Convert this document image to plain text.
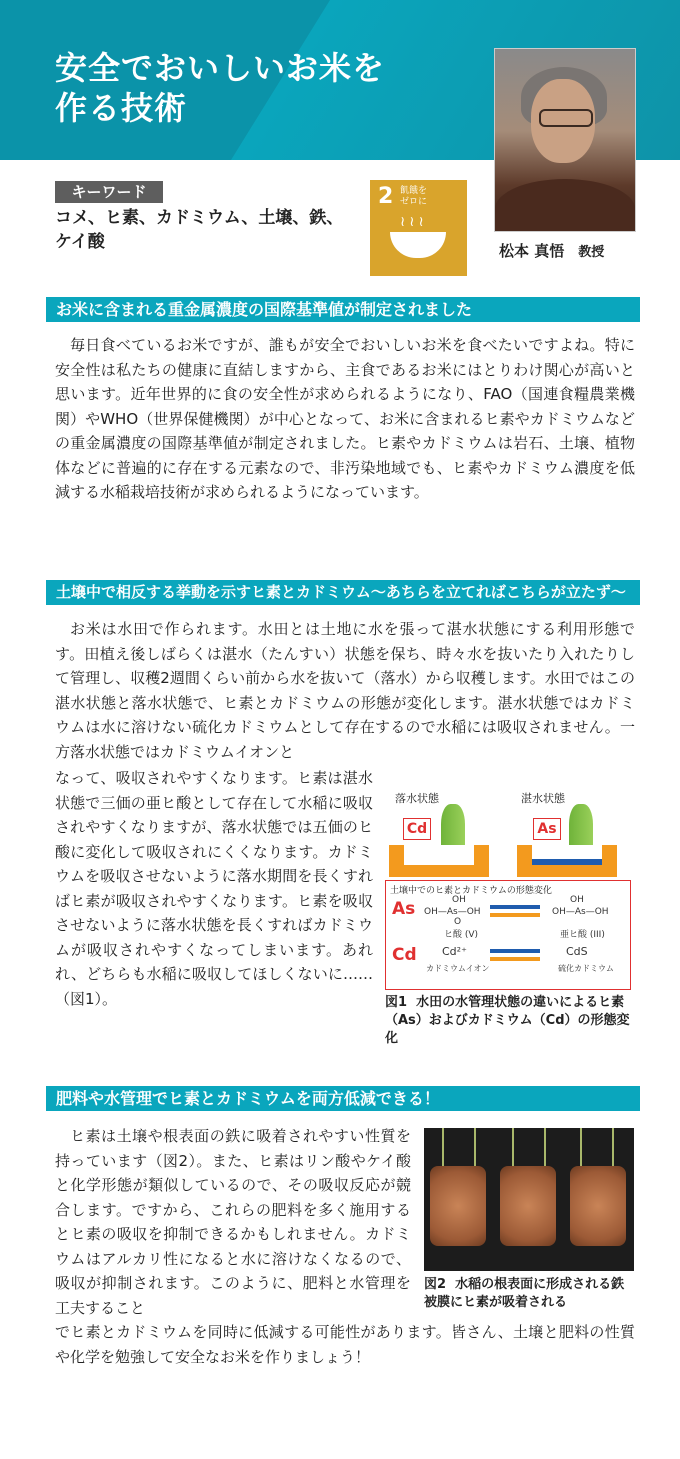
安全でおいしいお米を
作る技術
キーワード
コメ、ヒ素、カドミウム、土壌、鉄、ケイ酸
2 飢餓を
ゼロに
≀≀≀
松本 真悟 教授
お米に含まれる重金属濃度の国際基準値が制定されました

毎日食べているお米ですが、誰もが安全でおいしいお米を食べたいですよね。特に安全性は私たちの健康に直結しますから、主食であるお米にはとりわけ関心が高いと思います。近年世界的に食の安全性が求められるようになり、FAO（国連食糧農業機関）やWHO（世界保健機関）が中心となって、お米に含まれるヒ素やカドミウムなどの重金属濃度の国際基準値が制定されました。ヒ素やカドミウムは岩石、土壌、植物体などに普遍的に存在する元素なので、非汚染地域でも、ヒ素やカドミウム濃度を低減する水稲栽培技術が求められるようになっています。

土壌中で相反する挙動を示すヒ素とカドミウム～あちらを立てればこちらが立たず～

お米は水田で作られます。水田とは土地に水を張って湛水状態にする利用形態です。田植え後しばらくは湛水（たんすい）状態を保ち、時々水を抜いたり入れたりして管理し、収穫2週間くらい前から水を抜いて（落水）から収穫します。水田ではこの湛水状態と落水状態で、ヒ素とカドミウムの形態が変化します。湛水状態ではカドミウムは水に溶けない硫化カドミウムとして存在するので水稲には吸収されません。一方落水状態ではカドミウムイオンと

なって、吸収されやすくなります。ヒ素は湛水状態で三価の亜ヒ酸として存在して水稲に吸収されやすくなりますが、落水状態では五価のヒ酸に変化して吸収されにくくなります。カドミウムを吸収させないように落水期間を長くすればヒ素が吸収されやすくなります。ヒ素を吸収させないように落水状態を長くすればカドミウムが吸収されやすくなってしまいます。あれれ、どちらも水稲に吸収してほしくないに……（図1）。

落水状態	湛水状態
Cd	As
土壌中でのヒ素とカドミウムの形態変化
As	OH
OH—As—OH
O
ヒ酸 (V)
OH
OH—As—OH
亜ヒ酸 (III)
Cd Cd²⁺
カドミウムイオン
CdS
硫化カドミウム
図1 水田の水管理状態の違いによるヒ素（As）およびカドミウム（Cd）の形態変化
肥料や水管理でヒ素とカドミウムを両方低減できる！

ヒ素は土壌や根表面の鉄に吸着されやすい性質を持っています（図2）。また、ヒ素はリン酸やケイ酸と化学形態が類似しているので、その吸収反応が競合します。ですから、これらの肥料を多く施用するとヒ素の吸収を抑制できるかもしれません。カドミウムはアルカリ性になると水に溶けなくなるので、吸収が抑制されます。このように、肥料と水管理を工夫すること

図2 水稲の根表面に形成される鉄被膜にヒ素が吸着される

でヒ素とカドミウムを同時に低減する可能性があります。皆さん、土壌と肥料の性質や化学を勉強して安全なお米を作りましょう！
